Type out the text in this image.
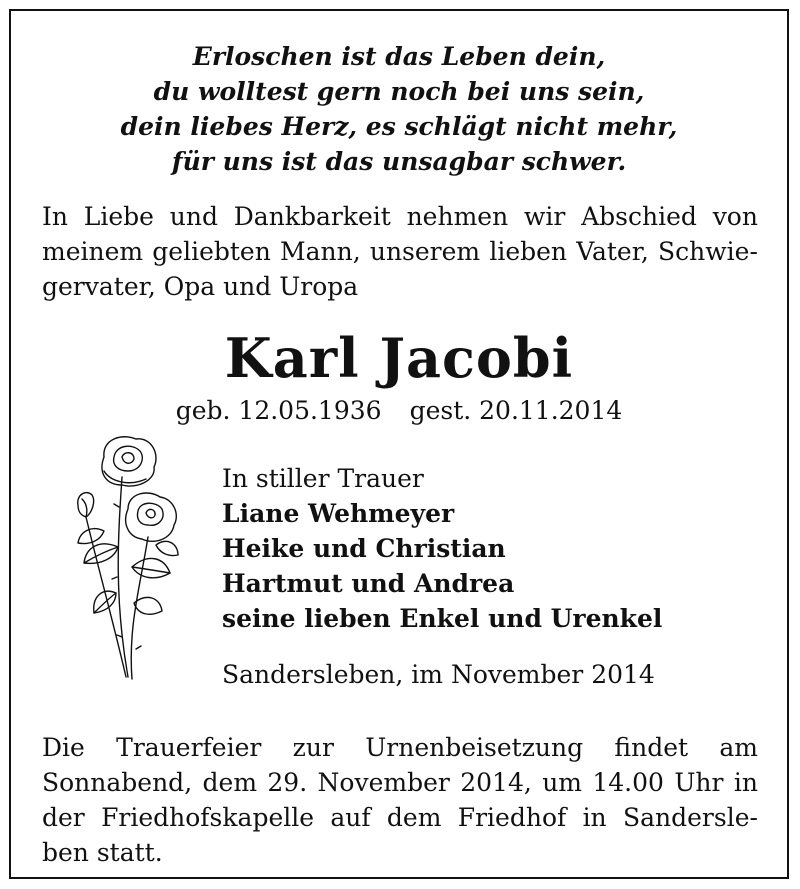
Erloschen ist das Leben dein,
du wolltest gern noch bei uns sein,
dein liebes Herz, es schlägt nicht mehr,
für uns ist das unsagbar schwer.
In Liebe und Dankbarkeit nehmen wir Abschied von
meinem geliebten Mann, unserem lieben Vater, Schwie-
gervater, Opa und Uropa
Karl Jacobi
geb. 12.05.1936 gest. 20.11.2014
In stiller Trauer
Liane Wehmeyer
Heike und Christian
Hartmut und Andrea
seine lieben Enkel und Urenkel
Sandersleben, im November 2014
Die Trauerfeier zur Urnenbeisetzung findet am
Sonnabend, dem 29. November 2014, um 14.00 Uhr in
der Friedhofskapelle auf dem Friedhof in Sandersle-
ben statt.
